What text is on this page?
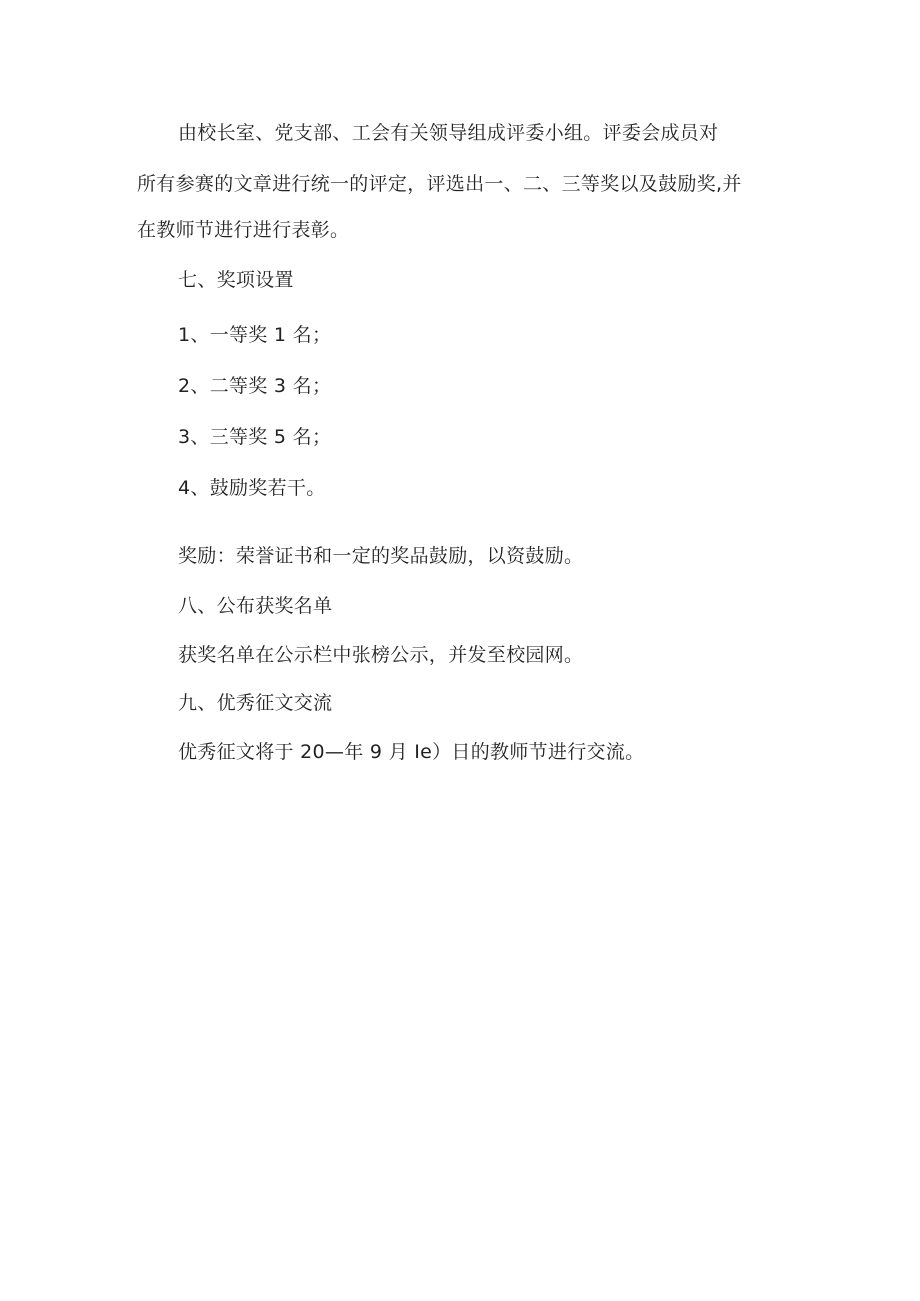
由校长室、党支部、工会有关领导组成评委小组。评委会成员对
所有参赛的文章进行统一的评定，评选出一、二、三等奖以及鼓励奖,并
在教师节进行进行表彰。
七、奖项设置
1、一等奖 1 名；
2、二等奖 3 名；
3、三等奖 5 名；
4、鼓励奖若干。
奖励：荣誉证书和一定的奖品鼓励，以资鼓励。
八、公布获奖名单
获奖名单在公示栏中张榜公示，并发至校园网。
九、优秀征文交流
优秀征文将于 20—年 9 月 Ie）日的教师节进行交流。
